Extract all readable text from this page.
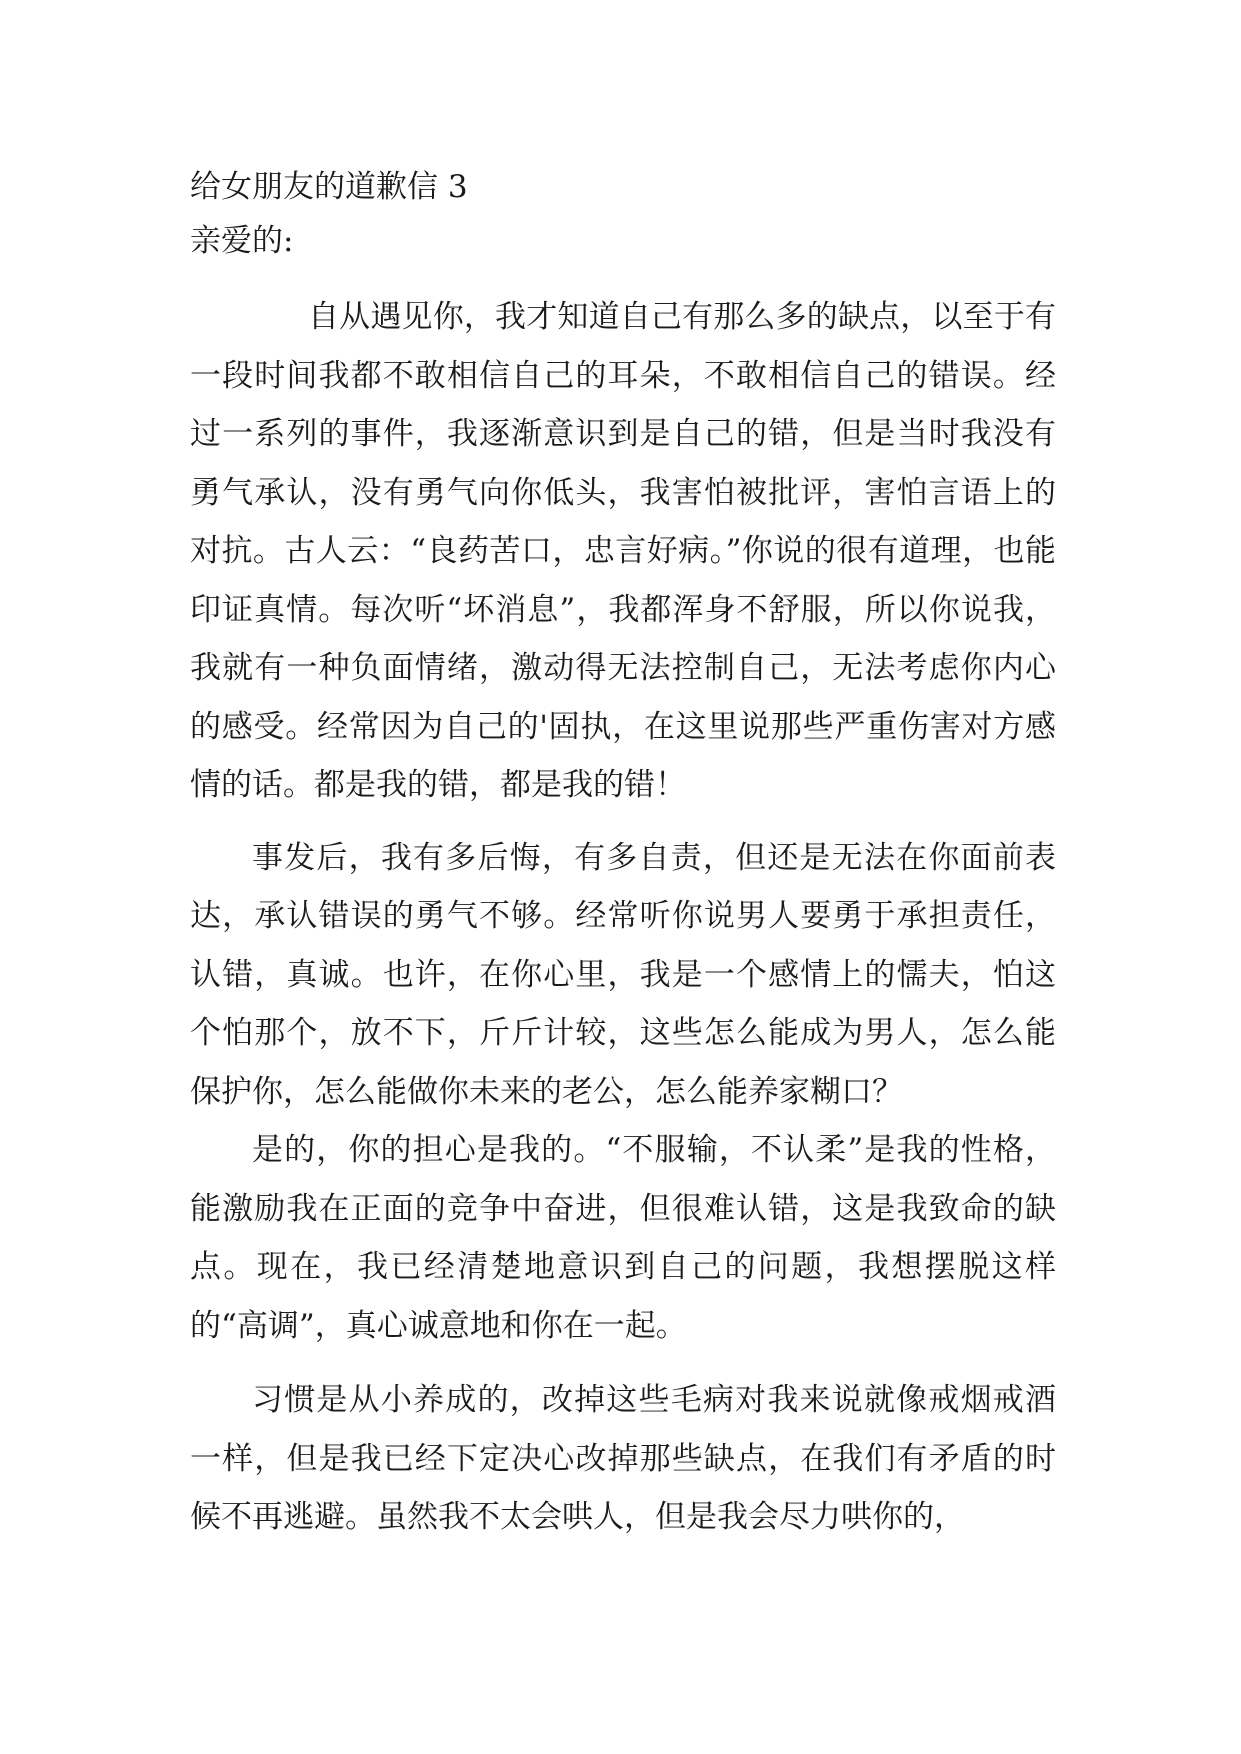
给女朋友的道歉信 3
亲爱的:

自从遇见你，我才知道自己有那么多的缺点，以至于有一段时间我都不敢相信自己的耳朵，不敢相信自己的错误。经过一系列的事件，我逐渐意识到是自己的错，但是当时我没有勇气承认，没有勇气向你低头，我害怕被批评，害怕言语上的对抗。古人云：“良药苦口，忠言好病。”你说的很有道理，也能印证真情。每次听“坏消息”，我都浑身不舒服，所以你说我，我就有一种负面情绪，激动得无法控制自己，无法考虑你内心的感受。经常因为自己的'固执，在这里说那些严重伤害对方感情的话。都是我的错，都是我的错！

事发后，我有多后悔，有多自责，但还是无法在你面前表达，承认错误的勇气不够。经常听你说男人要勇于承担责任，认错，真诚。也许，在你心里，我是一个感情上的懦夫，怕这个怕那个，放不下，斤斤计较，这些怎么能成为男人，怎么能保护你，怎么能做你未来的老公，怎么能养家糊口？

是的，你的担心是我的。“不服输，不认柔”是我的性格，能激励我在正面的竞争中奋进，但很难认错，这是我致命的缺点。现在，我已经清楚地意识到自己的问题，我想摆脱这样的“高调”，真心诚意地和你在一起。

习惯是从小养成的，改掉这些毛病对我来说就像戒烟戒酒一样，但是我已经下定决心改掉那些缺点，在我们有矛盾的时候不再逃避。虽然我不太会哄人，但是我会尽力哄你的，
